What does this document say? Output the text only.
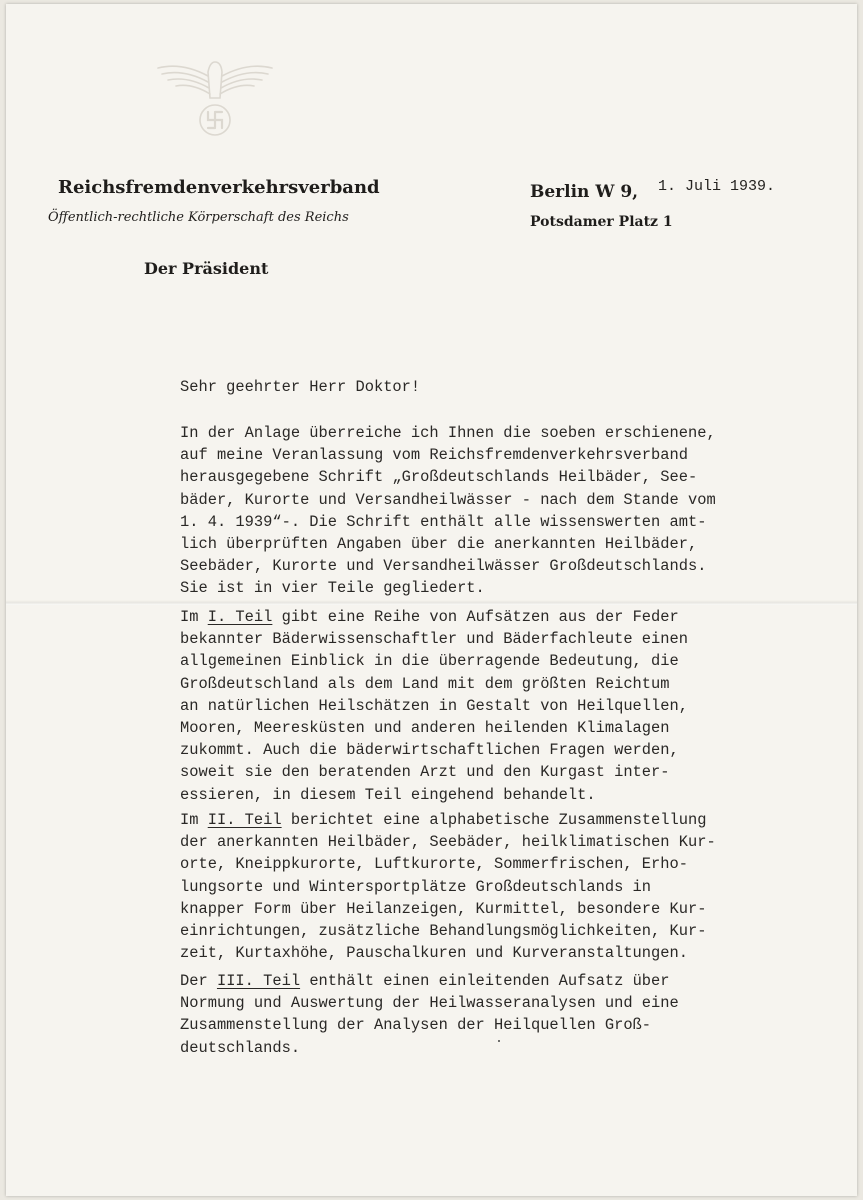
Reichsfremdenverkehrsverband
Öffentlich-rechtliche Körperschaft des Reichs
Der Präsident
Berlin W 9, 1. Juli 1939.
Potsdamer Platz 1
Sehr geehrter Herr Doktor!
In der Anlage überreiche ich Ihnen die soeben erschienene,
auf meine Veranlassung vom Reichsfremdenverkehrsverband
herausgegebene Schrift „Großdeutschlands Heilbäder, See-
bäder, Kurorte und Versandheilwässer - nach dem Stande vom
1. 4. 1939“-. Die Schrift enthält alle wissenswerten amt-
lich überprüften Angaben über die anerkannten Heilbäder,
Seebäder, Kurorte und Versandheilwässer Großdeutschlands.
Sie ist in vier Teile gegliedert.
Im I. Teil gibt eine Reihe von Aufsätzen aus der Feder
bekannter Bäderwissenschaftler und Bäderfachleute einen
allgemeinen Einblick in die überragende Bedeutung, die
Großdeutschland als dem Land mit dem größten Reichtum
an natürlichen Heilschätzen in Gestalt von Heilquellen,
Mooren, Meeresküsten und anderen heilenden Klimalagen
zukommt. Auch die bäderwirtschaftlichen Fragen werden,
soweit sie den beratenden Arzt und den Kurgast inter-
essieren, in diesem Teil eingehend behandelt.
Im II. Teil berichtet eine alphabetische Zusammenstellung
der anerkannten Heilbäder, Seebäder, heilklimatischen Kur-
orte, Kneippkurorte, Luftkurorte, Sommerfrischen, Erho-
lungsorte und Wintersportplätze Großdeutschlands in
knapper Form über Heilanzeigen, Kurmittel, besondere Kur-
einrichtungen, zusätzliche Behandlungsmöglichkeiten, Kur-
zeit, Kurtaxhöhe, Pauschalkuren und Kurveranstaltungen.
Der III. Teil enthält einen einleitenden Aufsatz über
Normung und Auswertung der Heilwasseranalysen und eine
Zusammenstellung der Analysen der Heilquellen Groß-
deutschlands.
